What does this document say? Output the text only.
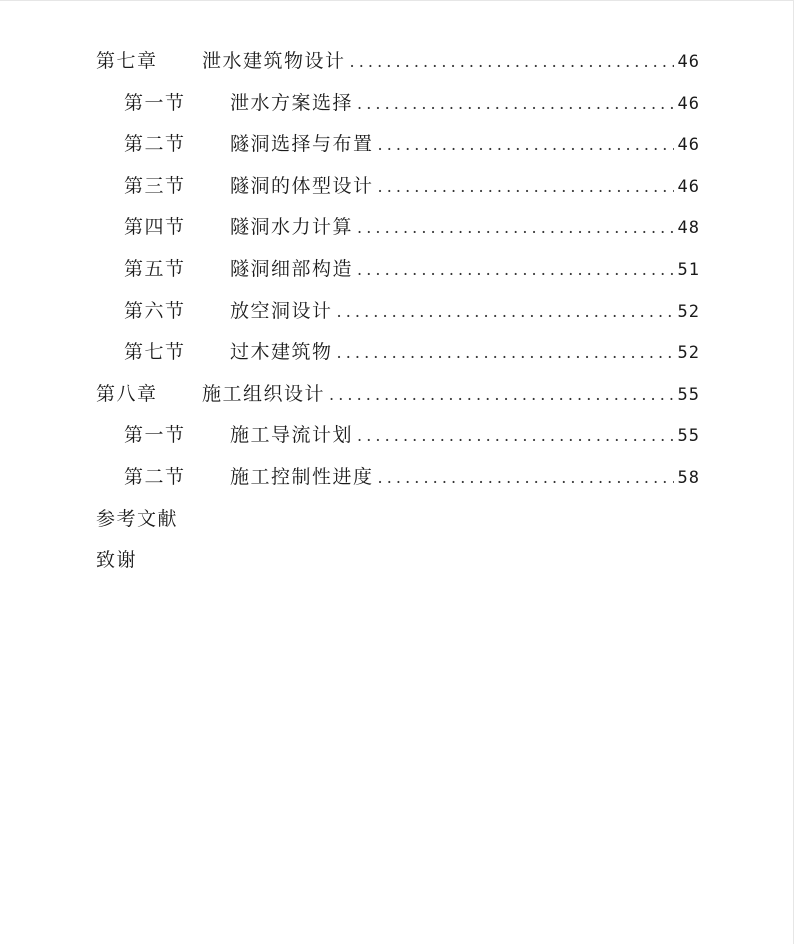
第七章	泄水建筑物设计 .....	46
第一节	泄水方案选择 .....	46
第二节	隧洞选择与布置 .....	46
第三节	隧洞的体型设计 .....	46
第四节	隧洞水力计算 .....	48
第五节	隧洞细部构造 .....	51
第六节	放空洞设计 .....	52
第七节	过木建筑物 .....	52
第八章	施工组织设计 .....	55
第一节	施工导流计划 .....	55
第二节	施工控制性进度 .....	58
参考文献
致谢
